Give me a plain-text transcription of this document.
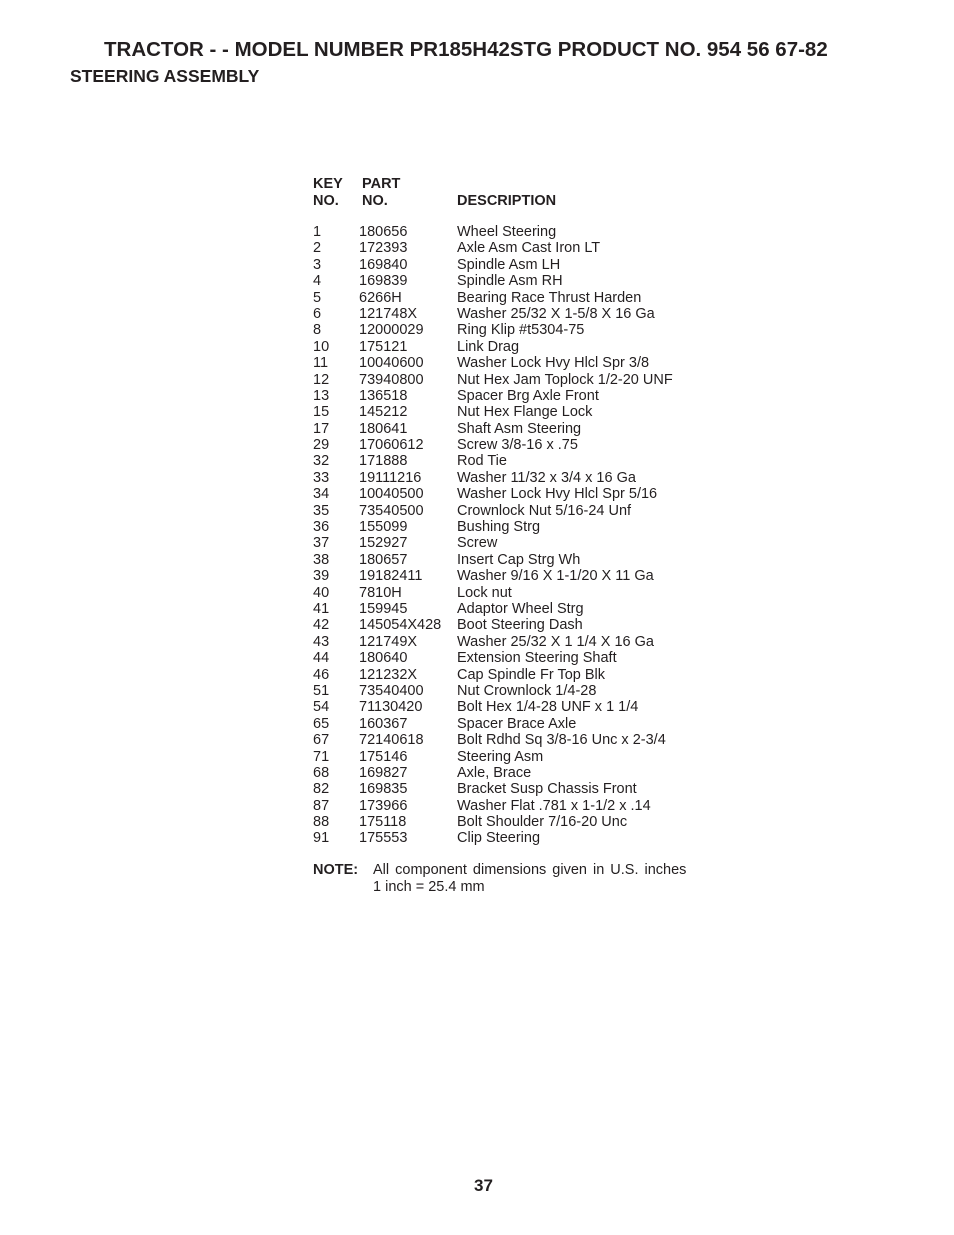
TRACTOR - - MODEL NUMBER PR185H42STG PRODUCT NO. 954 56 67-82
STEERING ASSEMBLY
KEY
NO.
PART
NO.	DESCRIPTION
1	180656	Wheel Steering
2	172393	Axle Asm Cast Iron LT
3	169840	Spindle Asm LH
4	169839	Spindle Asm RH
5	6266H	Bearing Race Thrust Harden
6	121748X	Washer 25/32 X 1-5/8 X 16 Ga
8	12000029 Ring Klip #t5304-75
10 175121	Link Drag
11 10040600 Washer Lock Hvy Hlcl Spr 3/8
12 73940800 Nut Hex Jam Toplock 1/2-20 UNF
13 136518	Spacer Brg Axle Front
15 145212	Nut Hex Flange Lock
17 180641	Shaft Asm Steering
29 17060612 Screw 3/8-16 x .75
32 171888	Rod Tie
33 19111216 Washer 11/32 x 3/4 x 16 Ga
34 10040500 Washer Lock Hvy Hlcl Spr 5/16
35 73540500 Crownlock Nut 5/16-24 Unf
36 155099	Bushing Strg
37 152927	Screw
38 180657	Insert Cap Strg Wh
39 19182411 Washer 9/16 X 1-1/20 X 11 Ga
40 7810H	Lock nut
41 159945	Adaptor Wheel Strg
42 145054X428 Boot Steering Dash
43 121749X	Washer 25/32 X 1 1/4 X 16 Ga
44 180640	Extension Steering Shaft
46 121232X	Cap Spindle Fr Top Blk
51 73540400 Nut Crownlock 1/4-28
54 71130420 Bolt Hex 1/4-28 UNF x 1 1/4
65 160367	Spacer Brace Axle
67 72140618 Bolt Rdhd Sq 3/8-16 Unc x 2-3/4
71 175146	Steering Asm
68 169827	Axle, Brace
82 169835	Bracket Susp Chassis Front
87 173966	Washer Flat .781 x 1-1/2 x .14
88 175118	Bolt Shoulder 7/16-20 Unc
91 175553	Clip Steering
NOTE: All component dimensions given in U.S. inches
1 inch = 25.4 mm
37
